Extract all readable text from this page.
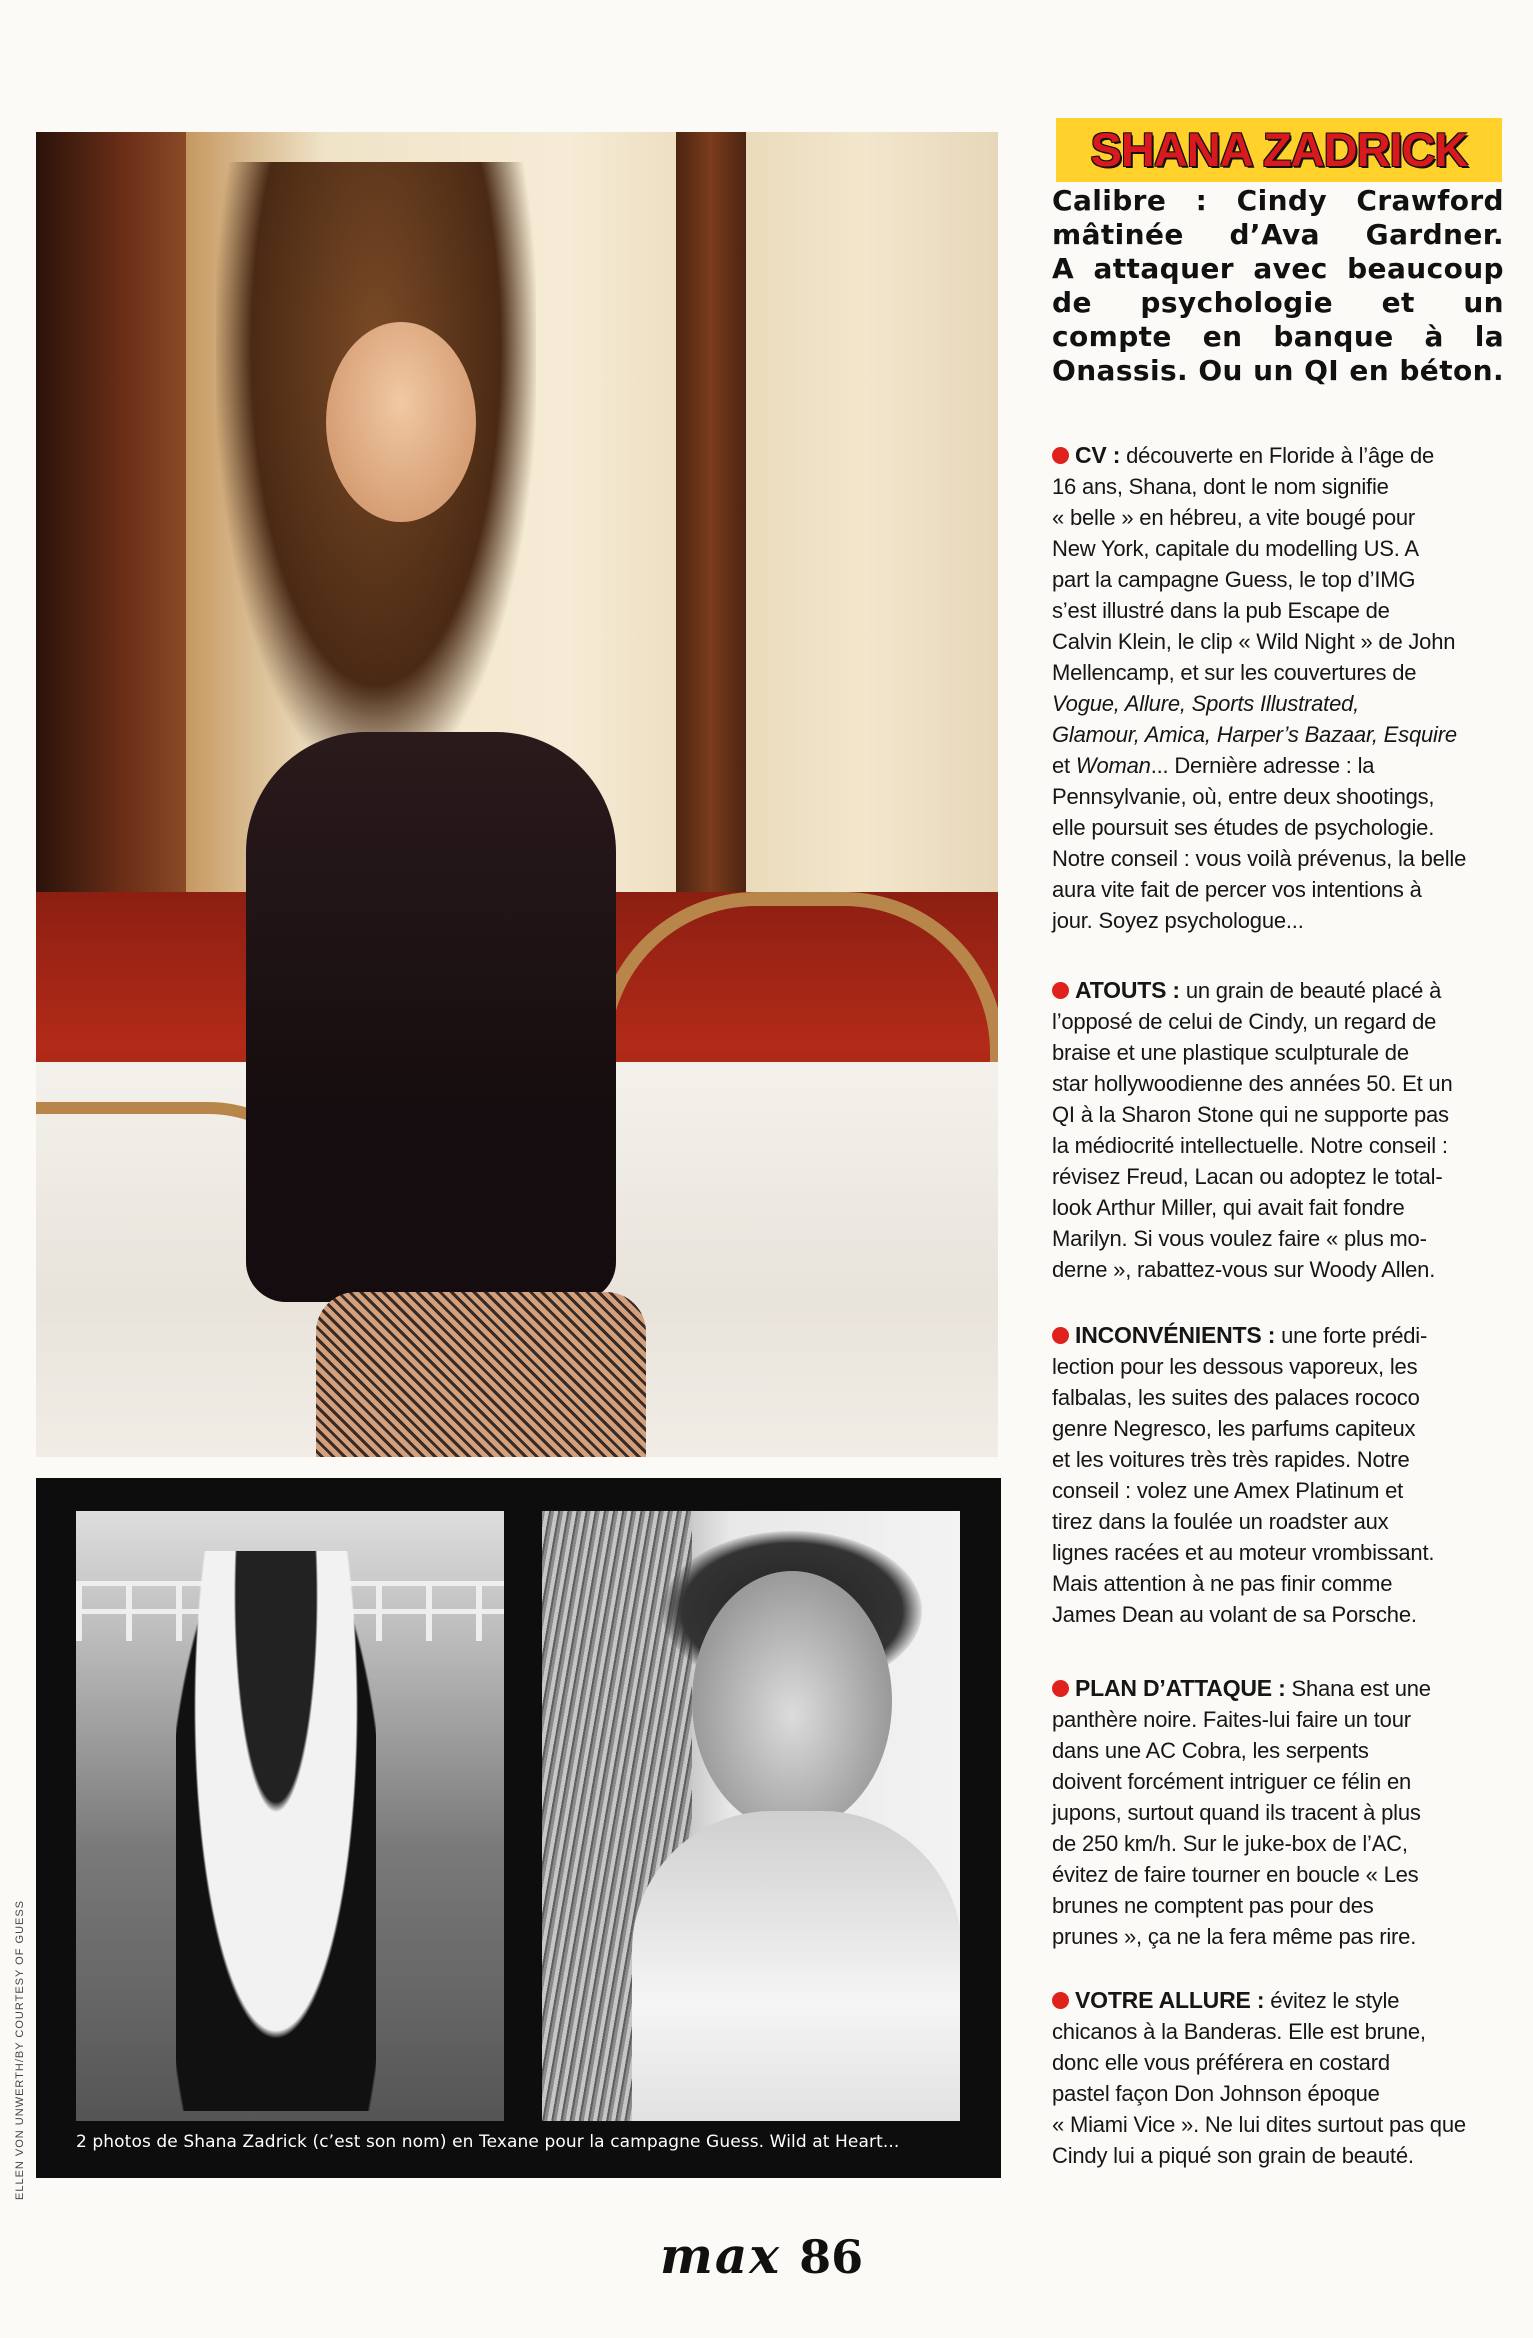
2 photos de Shana Zadrick (c’est son nom) en Texane pour la campagne Guess. Wild at Heart...
ELLEN VON UNWERTH/BY COURTESY OF GUESS
SHANA ZADRICK
Calibre : Cindy Crawford
mâtinée d’Ava Gardner.
A attaquer avec beaucoup
de psychologie et un
compte en banque à la
Onassis. Ou un QI en béton.
CV : découverte en Floride à l’âge de
16 ans, Shana, dont le nom signifie
« belle » en hébreu, a vite bougé pour
New York, capitale du modelling US. A
part la campagne Guess, le top d’IMG
s’est illustré dans la pub Escape de
Calvin Klein, le clip « Wild Night » de John
Mellencamp, et sur les couvertures de
Vogue, Allure, Sports Illustrated,
Glamour, Amica, Harper’s Bazaar, Esquire
et Woman... Dernière adresse : la
Pennsylvanie, où, entre deux shootings,
elle poursuit ses études de psychologie.
Notre conseil : vous voilà prévenus, la belle
aura vite fait de percer vos intentions à
jour. Soyez psychologue...
ATOUTS : un grain de beauté placé à
l’opposé de celui de Cindy, un regard de
braise et une plastique sculpturale de
star hollywoodienne des années 50. Et un
QI à la Sharon Stone qui ne supporte pas
la médiocrité intellectuelle. Notre conseil :
révisez Freud, Lacan ou adoptez le total-
look Arthur Miller, qui avait fait fondre
Marilyn. Si vous voulez faire « plus mo-
derne », rabattez-vous sur Woody Allen.
INCONVÉNIENTS : une forte prédi-
lection pour les dessous vaporeux, les
falbalas, les suites des palaces rococo
genre Negresco, les parfums capiteux
et les voitures très très rapides. Notre
conseil : volez une Amex Platinum et
tirez dans la foulée un roadster aux
lignes racées et au moteur vrombissant.
Mais attention à ne pas finir comme
James Dean au volant de sa Porsche.
PLAN D’ATTAQUE : Shana est une
panthère noire. Faites-lui faire un tour
dans une AC Cobra, les serpents
doivent forcément intriguer ce félin en
jupons, surtout quand ils tracent à plus
de 250 km/h. Sur le juke-box de l’AC,
évitez de faire tourner en boucle « Les
brunes ne comptent pas pour des
prunes », ça ne la fera même pas rire.
VOTRE ALLURE : évitez le style
chicanos à la Banderas. Elle est brune,
donc elle vous préférera en costard
pastel façon Don Johnson époque
« Miami Vice ». Ne lui dites surtout pas que
Cindy lui a piqué son grain de beauté.
max 86
